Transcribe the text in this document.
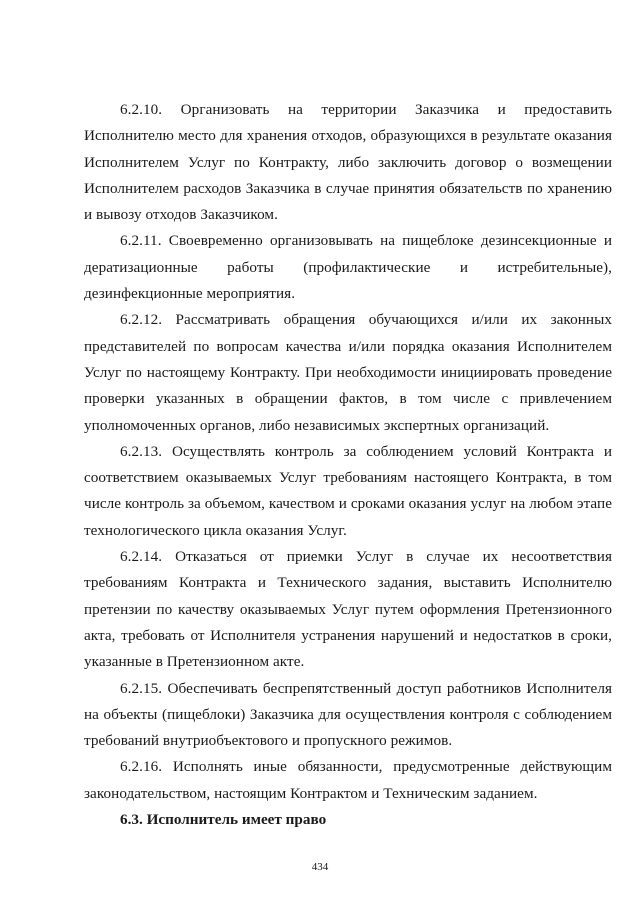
6.2.10. Организовать на территории Заказчика и предоставить Исполнителю место для хранения отходов, образующихся в результате оказания Исполнителем Услуг по Контракту, либо заключить договор о возмещении Исполнителем расходов Заказчика в случае принятия обязательств по хранению и вывозу отходов Заказчиком.

6.2.11. Своевременно организовывать на пищеблоке дезинсекционные и дератизационные работы (профилактические и истребительные), дезинфекционные мероприятия.

6.2.12. Рассматривать обращения обучающихся и/или их законных представителей по вопросам качества и/или порядка оказания Исполнителем Услуг по настоящему Контракту. При необходимости инициировать проведение проверки указанных в обращении фактов, в том числе с привлечением уполномоченных органов, либо независимых экспертных организаций.

6.2.13. Осуществлять контроль за соблюдением условий Контракта и соответствием оказываемых Услуг требованиям настоящего Контракта, в том числе контроль за объемом, качеством и сроками оказания услуг на любом этапе технологического цикла оказания Услуг.

6.2.14. Отказаться от приемки Услуг в случае их несоответствия требованиям Контракта и Технического задания, выставить Исполнителю претензии по качеству оказываемых Услуг путем оформления Претензионного акта, требовать от Исполнителя устранения нарушений и недостатков в сроки, указанные в Претензионном акте.

6.2.15. Обеспечивать беспрепятственный доступ работников Исполнителя на объекты (пищеблоки) Заказчика для осуществления контроля с соблюдением требований внутриобъектового и пропускного режимов.

6.2.16. Исполнять иные обязанности, предусмотренные действующим законодательством, настоящим Контрактом и Техническим заданием.

6.3. Исполнитель имеет право

434
